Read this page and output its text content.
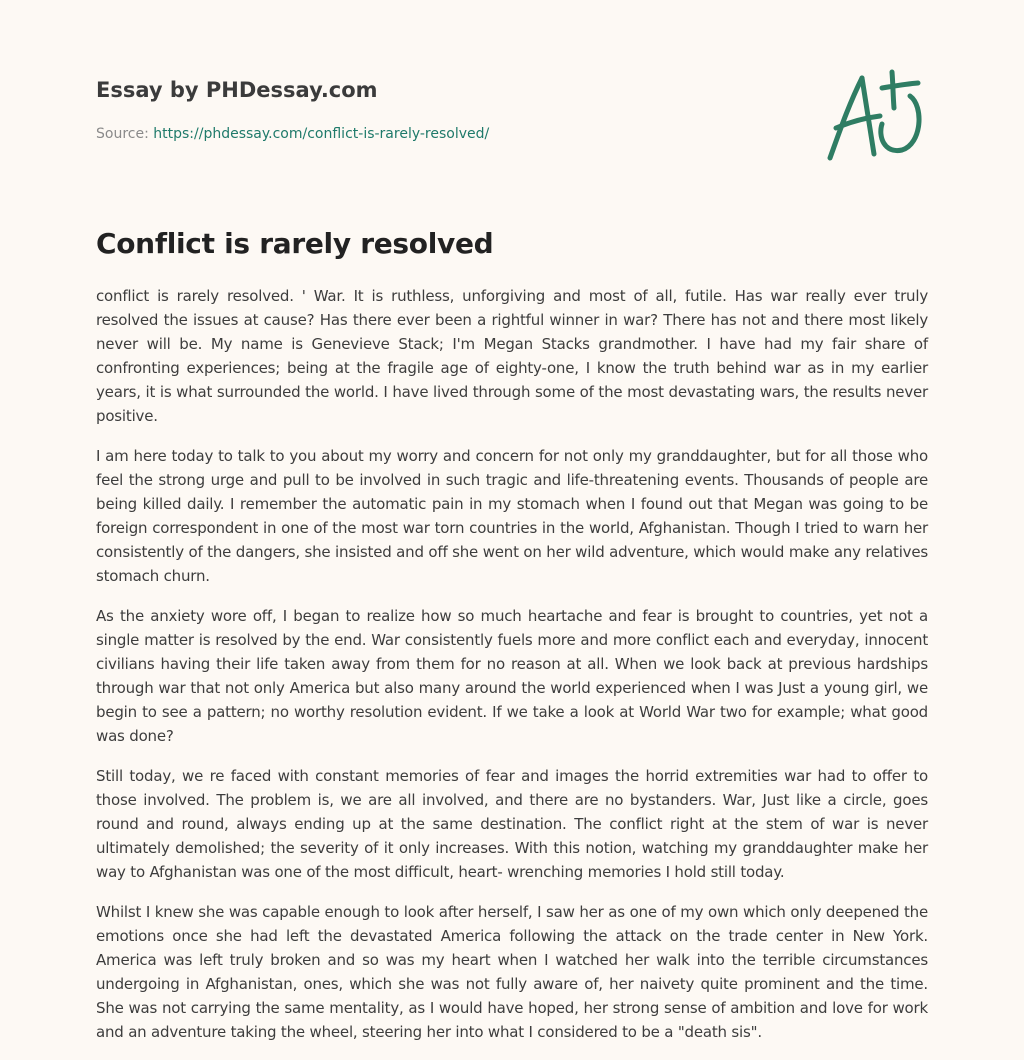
Essay by PHDessay.com
Source: https://phdessay.com/conflict-is-rarely-resolved/
Conflict is rarely resolved

conflict is rarely resolved. ' War. It is ruthless, unforgiving and most of all, futile. Has war really ever truly resolved the issues at cause? Has there ever been a rightful winner in war? There has not and there most likely never will be. My name is Genevieve Stack; I'm Megan Stacks grandmother. I have had my fair share of confronting experiences; being at the fragile age of eighty-one, I know the truth behind war as in my earlier years, it is what surrounded the world. I have lived through some of the most devastating wars, the results never positive.

I am here today to talk to you about my worry and concern for not only my granddaughter, but for all those who feel the strong urge and pull to be involved in such tragic and life-threatening events. Thousands of people are being killed daily. I remember the automatic pain in my stomach when I found out that Megan was going to be foreign correspondent in one of the most war torn countries in the world, Afghanistan. Though I tried to warn her consistently of the dangers, she insisted and off she went on her wild adventure, which would make any relatives stomach churn.

As the anxiety wore off, I began to realize how so much heartache and fear is brought to countries, yet not a single matter is resolved by the end. War consistently fuels more and more conflict each and everyday, innocent civilians having their life taken away from them for no reason at all. When we look back at previous hardships through war that not only America but also many around the world experienced when I was Just a young girl, we begin to see a pattern; no worthy resolution evident. If we take a look at World War two for example; what good was done?

Still today, we re faced with constant memories of fear and images the horrid extremities war had to offer to those involved. The problem is, we are all involved, and there are no bystanders. War, Just like a circle, goes round and round, always ending up at the same destination. The conflict right at the stem of war is never ultimately demolished; the severity of it only increases. With this notion, watching my granddaughter make her way to Afghanistan was one of the most difficult, heart- wrenching memories I hold still today.

Whilst I knew she was capable enough to look after herself, I saw her as one of my own which only deepened the emotions once she had left the devastated America following the attack on the trade center in New York. America was left truly broken and so was my heart when I watched her walk into the terrible circumstances undergoing in Afghanistan, ones, which she was not fully aware of, her naivety quite prominent and the time. She was not carrying the same mentality, as I would have hoped, her strong sense of ambition and love for work and an adventure taking the wheel, steering her into what I considered to be a "death sis".
